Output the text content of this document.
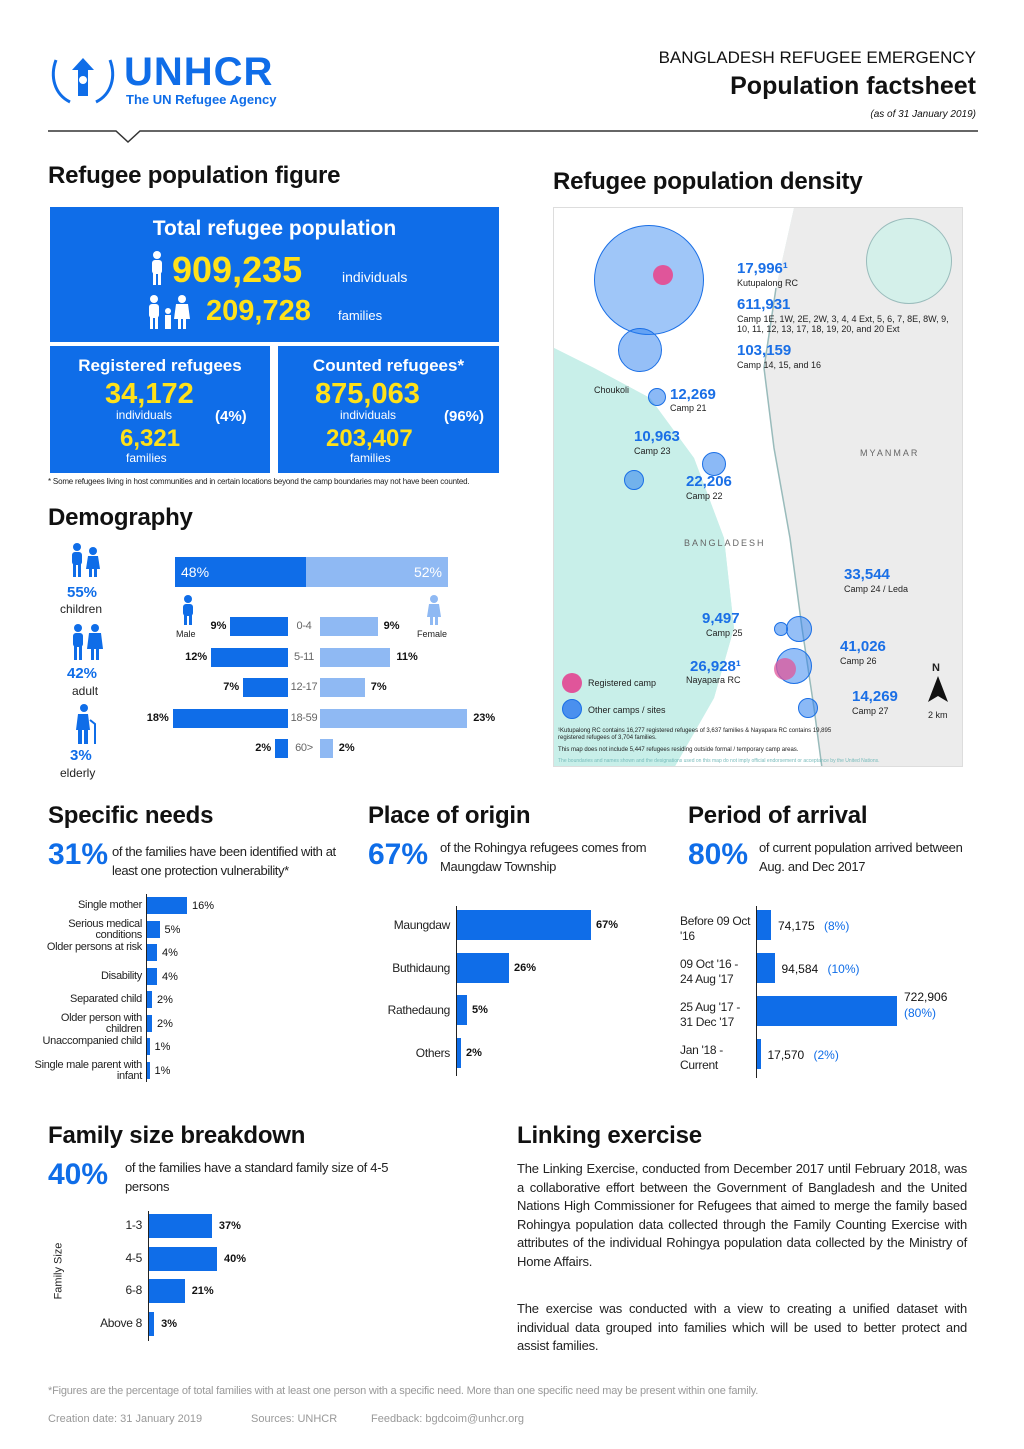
UNHCR
The UN Refugee Agency
BANGLADESH REFUGEE EMERGENCY
Population factsheet
(as of 31 January 2019)
Refugee population figure
Total refugee population
909,235	individuals
209,728 families
Registered refugees
34,172
individuals	(4%)
6,321
families
Counted refugees*
875,063
individuals	(96%)
203,407
families
* Some refugees living in host communities and in certain locations beyond the camp boundaries may not have been counted.
Demography
55%
children
42%
adult
3%
elderly
48%	52%
Male	Female
0-4
9%	9%
5-11
12%	11%
12-17
7%	7%
18-59
18%	23%
60>
2%	2%
Refugee population density
17,996¹
Kutupalong RC
611,931
Camp 1E, 1W, 2E, 2W, 3, 4, 4 Ext, 5, 6, 7, 8E, 8W, 9, 10, 11, 12, 13, 17, 18, 19, 20, and 20 Ext
103,159
Camp 14, 15, and 16
Choukoli	12,269
Camp 21
10,963
Camp 23	MYANMAR
22,206
Camp 22
BANGLADESH
33,544
Camp 24 / Leda
9,497
Camp 25
41,026
Camp 26
26,928¹
Nayapara RC
14,269
Camp 27
Registered camp
Other camps / sites
N
2 km
¹Kutupalong RC contains 16,277 registered refugees of 3,637 families & Nayapara RC contains 19,895 registered refugees of 3,704 families.
This map does not include 5,447 refugees residing outside formal / temporary camp areas.
The boundaries and names shown and the designations used on this map do not imply official endorsement or acceptance by the United Nations.
Specific needs
31% of the families have been identified with at least one protection vulnerability*
Single mother	16%
Serious medical conditions 5%
Older persons at risk 4%
Disability 4%
Separated child 2%
Older person with children 2%
Unaccompanied child 1%
Single male parent with infant 1%
Place of origin
67% of the Rohingya refugees comes from Maungdaw Township
Maungdaw	67%
Buthidaung	26%
Rathedaung 5%
Others 2%
Period of arrival
80% of current population arrived between Aug. and Dec 2017
Before 09 Oct '16
74,175 (8%)
09 Oct '16 - 24 Aug '17
94,584 (10%)
25 Aug '17 - 31 Dec '17
722,906
(80%)
Jan '18 - Current
17,570 (2%)
Family size breakdown
40% of the families have a standard family size of 4-5 persons
Family Size
1-3	37%
4-5	40%
6-8	21%
Above 8 3%
Linking exercise
The Linking Exercise, conducted from December 2017 until February 2018, was a collaborative effort between the Government of Bangladesh and the United Nations High Commissioner for Refugees that aimed to merge the family based Rohingya population data collected through the Family Counting Exercise with attributes of the individual Rohingya population data collected by the Ministry of Home Affairs.
The exercise was conducted with a view to creating a unified dataset with individual data grouped into families which will be used to better protect and assist families.
*Figures are the percentage of total families with at least one person with a specific need. More than one specific need may be present within one family.
Creation date: 31 January 2019	Sources: UNHCR	Feedback: bgdcoim@unhcr.org
